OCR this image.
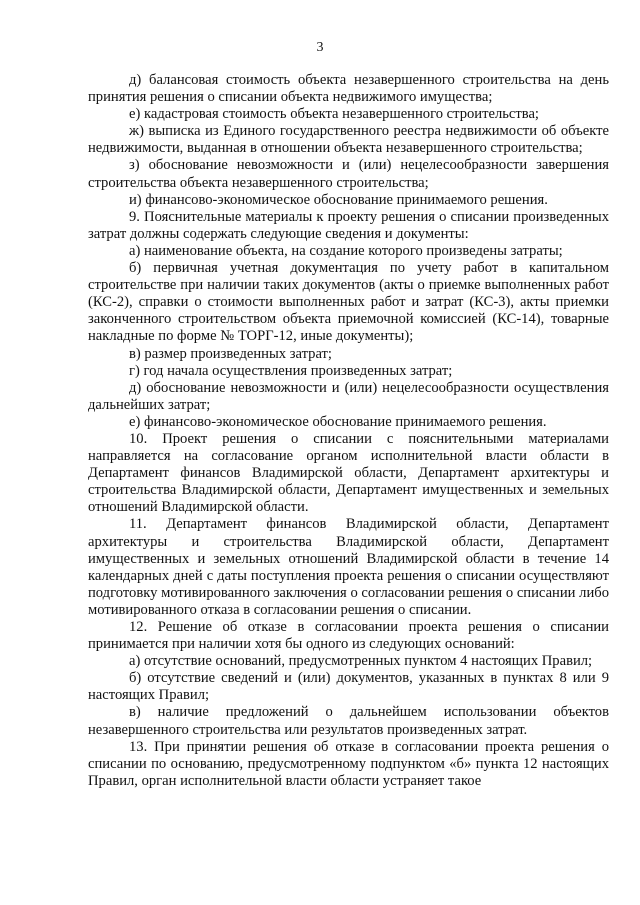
3

д) балансовая стоимость объекта незавершенного строительства на день принятия решения о списании объекта недвижимого имущества;

е) кадастровая стоимость объекта незавершенного строительства;

ж) выписка из Единого государственного реестра недвижимости об объекте недвижимости, выданная в отношении объекта незавершенного строительства;

з) обоснование невозможности и (или) нецелесообразности завершения строительства объекта незавершенного строительства;

и) финансово-экономическое обоснование принимаемого решения.

9. Пояснительные материалы к проекту решения о списании произведенных затрат должны содержать следующие сведения и документы:

а) наименование объекта, на создание которого произведены затраты;

б) первичная учетная документация по учету работ в капитальном строительстве при наличии таких документов (акты о приемке выполненных работ (КС-2), справки о стоимости выполненных работ и затрат (КС-3), акты приемки законченного строительством объекта приемочной комиссией (КС-14), товарные накладные по форме № ТОРГ-12, иные документы);

в) размер произведенных затрат;

г) год начала осуществления произведенных затрат;

д) обоснование невозможности и (или) нецелесообразности осуществления дальнейших затрат;

е) финансово-экономическое обоснование принимаемого решения.

10. Проект решения о списании с пояснительными материалами направляется на согласование органом исполнительной власти области в Департамент финансов Владимирской области, Департамент архитектуры и строительства Владимирской области, Департамент имущественных и земельных отношений Владимирской области.

11. Департамент финансов Владимирской области, Департамент архитектуры и строительства Владимирской области, Департамент имущественных и земельных отношений Владимирской области в течение 14 календарных дней с даты поступления проекта решения о списании осуществляют подготовку мотивированного заключения о согласовании решения о списании либо мотивированного отказа в согласовании решения о списании.

12. Решение об отказе в согласовании проекта решения о списании принимается при наличии хотя бы одного из следующих оснований:

а) отсутствие оснований, предусмотренных пунктом 4 настоящих Правил;

б) отсутствие сведений и (или) документов, указанных в пунктах 8 или 9 настоящих Правил;

в) наличие предложений о дальнейшем использовании объектов незавершенного строительства или результатов произведенных затрат.

13. При принятии решения об отказе в согласовании проекта решения о списании по основанию, предусмотренному подпунктом «б» пункта 12 настоящих Правил, орган исполнительной власти области устраняет такое
